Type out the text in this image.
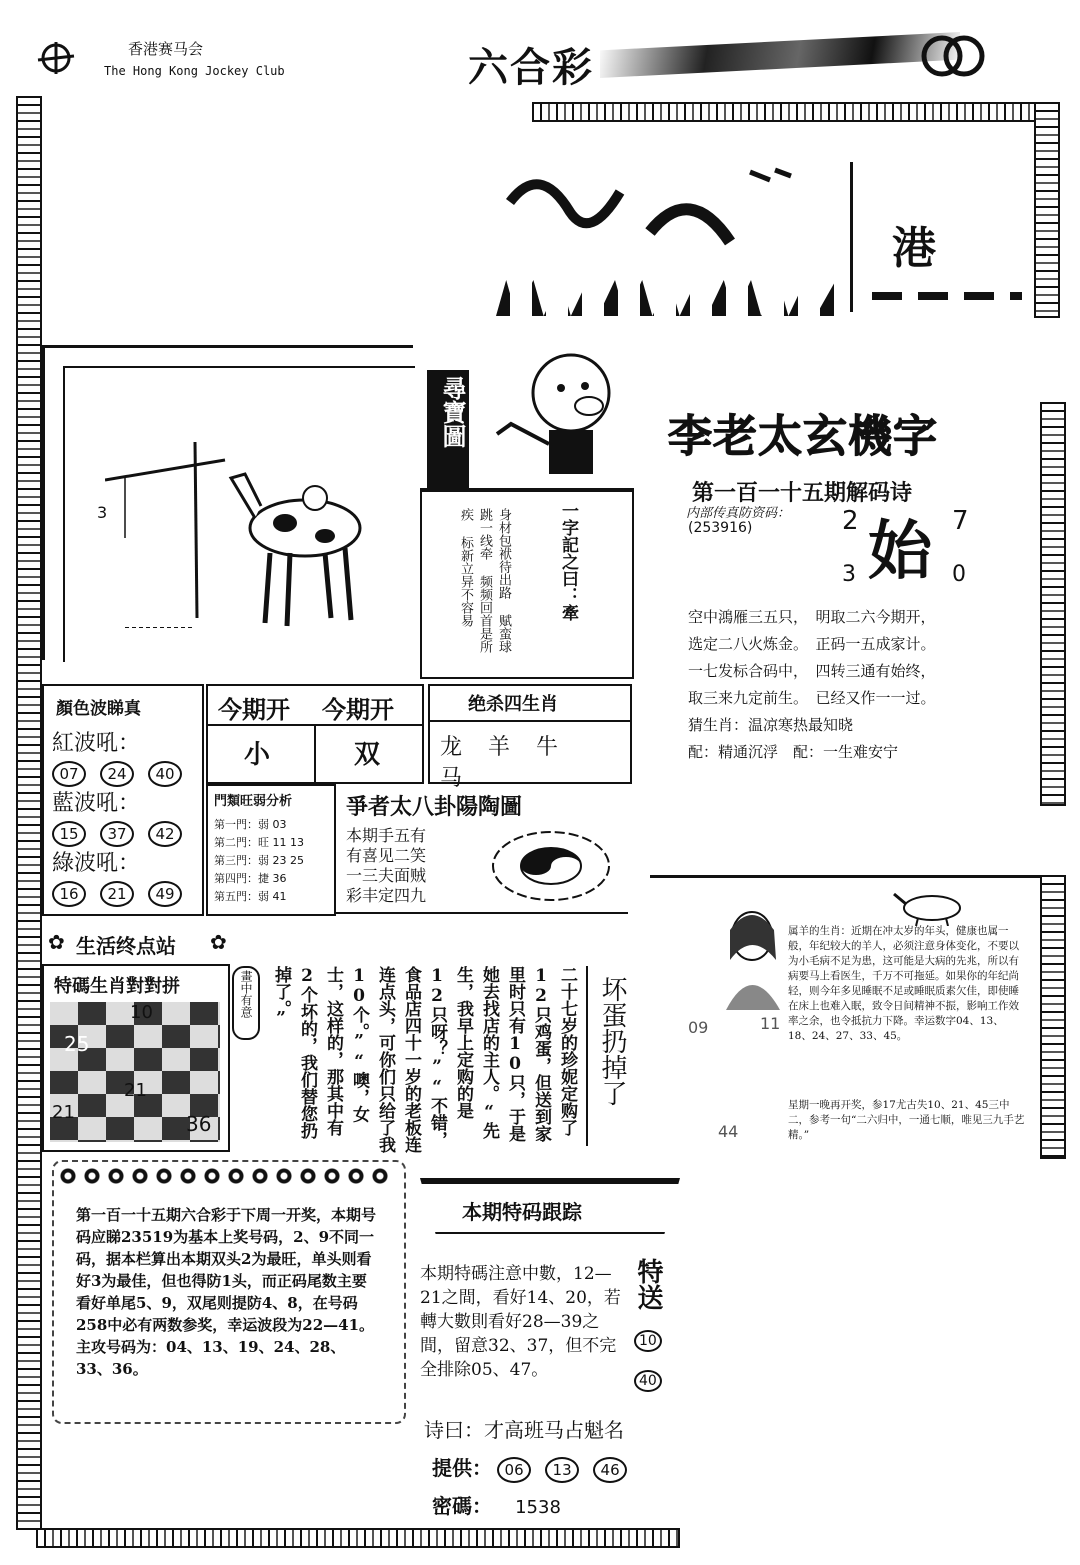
香港赛马会
The Hong Kong Jockey Club	六合彩
港
3
尋寶圖
身材包袱待出路 赋蛮球跳一线牵 频频回首是所疾 标新立异不容易	一字記之曰：牽
李老太玄機字
第一百一十五期解码诗
内部传真防资码：
(253916) 始
2	7
3	0
空中鴻雁三五只，　明取二六今期开，
选定二八火炼金。　正码一五成家计。
一七发标合码中，　四转三通有始终，
取三来九定前生。　已经又作一一过。
猜生肖：温凉寒热最知晓
配：精通沉浮　配：一生难安宁
顏色波睇真
紅波吼：
07 24 40
藍波吼：
15 37 42
綠波吼：
16 21 49
今期开 今期开
小	双
绝杀四生肖
龙羊牛马
門類旺弱分析
第一門：弱 03
第二門：旺 11 13
第三門：弱 23 25
第四門：捷 36
第五門：弱 41
爭者太八卦陽陶圖
本期手五有
有喜见二笑
一三夫面贼
彩丰定四九
生活终点站
✿	✿
特碼生肖對對拼
10
25
21
21	36
畫中有意	二十七岁的珍妮定购了12只鸡蛋，但送到家里时只有10只，于是她去找店的主人。“先生，我早上定购的是12只呀？”“不错，食品店四十一岁的老板连连点头，可你们只给了我10个。”“噢，女士，这样的，那其中有2个坏的，我们替您扔掉了。”	坏蛋扔掉了	09	11
44
属羊的生肖：近期在冲太岁的年头，健康也属一般，年纪较大的羊人，必须注意身体变化，不要以为小毛病不足为患，这可能是大病的先兆，所以有病要马上看医生，千万不可拖延。如果你的年纪尚轻，则今年多见睡眠不足或睡眠质素欠佳，即使睡在床上也难入眠，致令日间精神不振，影响工作效率之余，也令抵抗力下降。幸运数字04、13、18、24、27、33、45。
星期一晚再开奖，参17尤古失10、21、45三中二，参考一句“二六归中，一通七顺，唯见三九手艺精。”
第一百一十五期六合彩于下周一开奖，本期号码应睇23519为基本上奖号码，2、9不同一码，据本栏算出本期双头2为最旺，单头则看好3为最佳，但也得防1头，而正码尾数主要看好单尾5、9，双尾则提防4、8，在号码258中必有两数参奖，幸运波段为22—41。主攻号码为：04、13、19、24、28、33、36。
本期特码跟踪
本期特碼注意中數，12—21之間，看好14、20，若轉大數則看好28—39之間，留意32、37，但不完全排除05、47。
特送
10
40
诗曰：才高班马占魁名
提供： 06 13 46
密碼： 1538
